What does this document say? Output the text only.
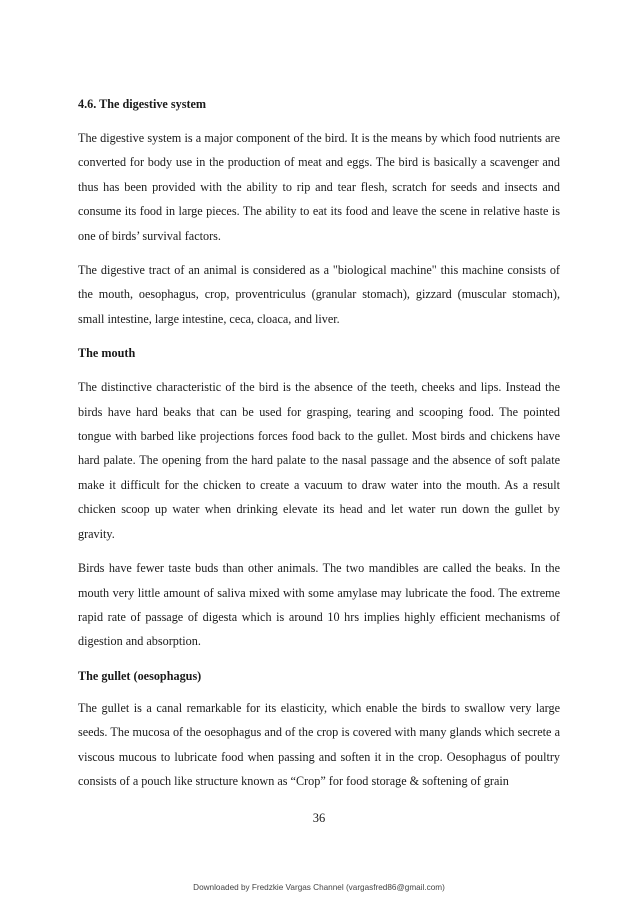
4.6. The digestive system

The digestive system is a major component of the bird. It is the means by which food nutrients are converted for body use in the production of meat and eggs. The bird is basically a scavenger and thus has been provided with the ability to rip and tear flesh, scratch for seeds and insects and consume its food in large pieces. The ability to eat its food and leave the scene in relative haste is one of birds’ survival factors.

The digestive tract of an animal is considered as a "biological machine" this machine consists of the mouth, oesophagus, crop, proventriculus (granular stomach), gizzard (muscular stomach), small intestine, large intestine, ceca, cloaca, and liver.

The mouth

The distinctive characteristic of the bird is the absence of the teeth, cheeks and lips. Instead the birds have hard beaks that can be used for grasping, tearing and scooping food. The pointed tongue with barbed like projections forces food back to the gullet. Most birds and chickens have hard palate. The opening from the hard palate to the nasal passage and the absence of soft palate make it difficult for the chicken to create a vacuum to draw water into the mouth. As a result chicken scoop up water when drinking elevate its head and let water run down the gullet by gravity.

Birds have fewer taste buds than other animals. The two mandibles are called the beaks. In the mouth very little amount of saliva mixed with some amylase may lubricate the food. The extreme rapid rate of passage of digesta which is around 10 hrs implies highly efficient mechanisms of digestion and absorption.

The gullet (oesophagus)

The gullet is a canal remarkable for its elasticity, which enable the birds to swallow very large seeds. The mucosa of the oesophagus and of the crop is covered with many glands which secrete a viscous mucous to lubricate food when passing and soften it in the crop. Oesophagus of poultry consists of a pouch like structure known as “Crop” for food storage & softening of grain

36
Downloaded by Fredzkie Vargas Channel (vargasfred86@gmail.com)
